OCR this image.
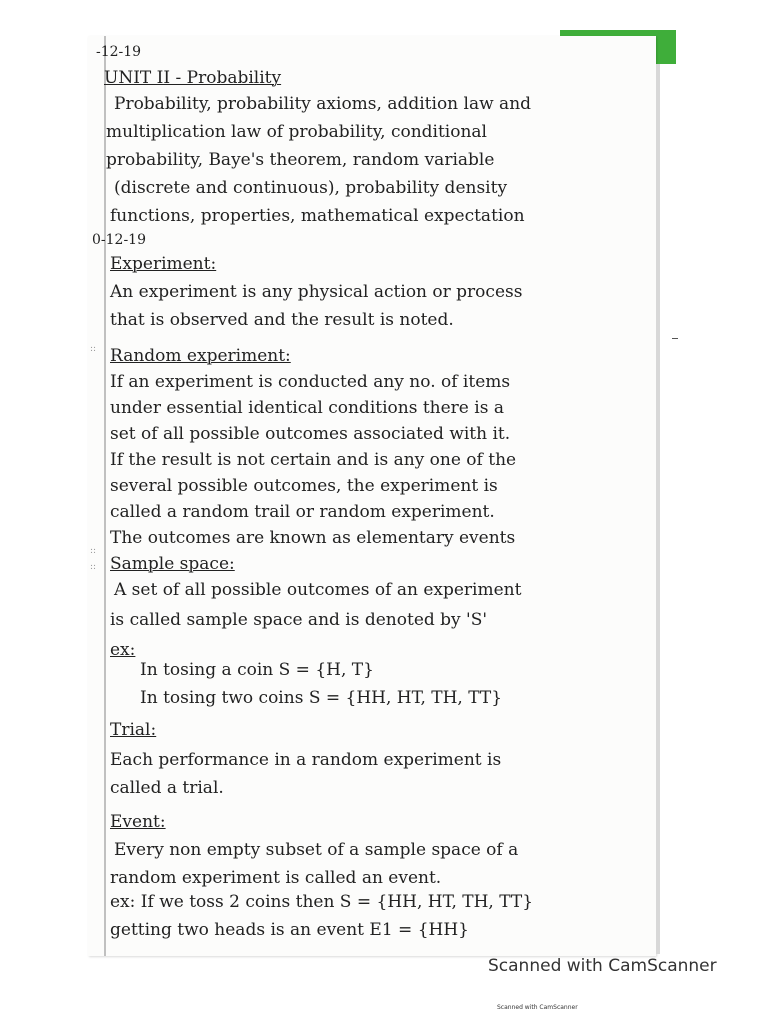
::
::
::
-12-19
UNIT II - Probability
Probability, probability axioms, addition law and
multiplication law of probability, conditional
probability, Baye's theorem, random variable
(discrete and continuous), probability density
functions, properties, mathematical expectation
0-12-19
Experiment:
An experiment is any physical action or process
that is observed and the result is noted.
Random experiment:
If an experiment is conducted any no. of items
under essential identical conditions there is a
set of all possible outcomes associated with it.
If the result is not certain and is any one of the
several possible outcomes, the experiment is
called a random trail or random experiment.
The outcomes are known as elementary events
Sample space:
A set of all possible outcomes of an experiment
is called sample space and is denoted by 'S'
ex:
In tosing a coin S = {H, T}
In tosing two coins S = {HH, HT, TH, TT}
Trial:
Each performance in a random experiment is
called a trial.
Event:
Every non empty subset of a sample space of a
random experiment is called an event.
ex: If we toss 2 coins then S = {HH, HT, TH, TT}
getting two heads is an event E1 = {HH}
Scanned with CamScanner
Scanned with CamScanner
